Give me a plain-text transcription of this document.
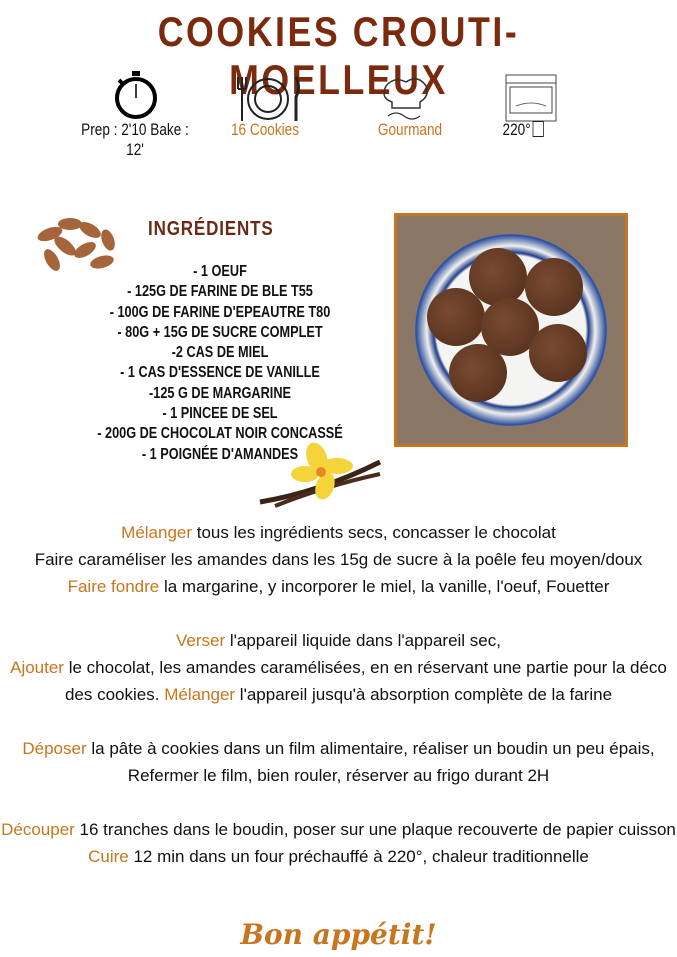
COOKIES CROUTI-MOELLEUX
Prep : 2'10 Bake : 12'
16 Cookies	Gourmand	220°
INGRÉDIENTS
- 1 OEUF
- 125G DE FARINE DE BLE T55
- 100G DE FARINE D'EPEAUTRE T80
- 80G + 15G DE SUCRE COMPLET
-2 CAS DE MIEL
- 1 CAS D'ESSENCE DE VANILLE
-125 G DE MARGARINE
- 1 PINCEE DE SEL
- 200G DE CHOCOLAT NOIR CONCASSÉ
- 1 POIGNÉE D'AMANDES

Mélanger tous les ingrédients secs, concasser le chocolat
Faire caraméliser les amandes dans les 15g de sucre à la poêle feu moyen/doux
Faire fondre la margarine, y incorporer le miel, la vanille, l'oeuf, Fouetter

Verser l'appareil liquide dans l'appareil sec,
Ajouter le chocolat, les amandes caramélisées, en en réservant une partie pour la déco
des cookies. Mélanger l'appareil jusqu'à absorption complète de la farine

Déposer la pâte à cookies dans un film alimentaire, réaliser un boudin un peu épais,
Refermer le film, bien rouler, réserver au frigo durant 2H

Découper 16 tranches dans le boudin, poser sur une plaque recouverte de papier cuisson
Cuire 12 min dans un four préchauffé à 220°, chaleur traditionnelle

Bon appétit!
